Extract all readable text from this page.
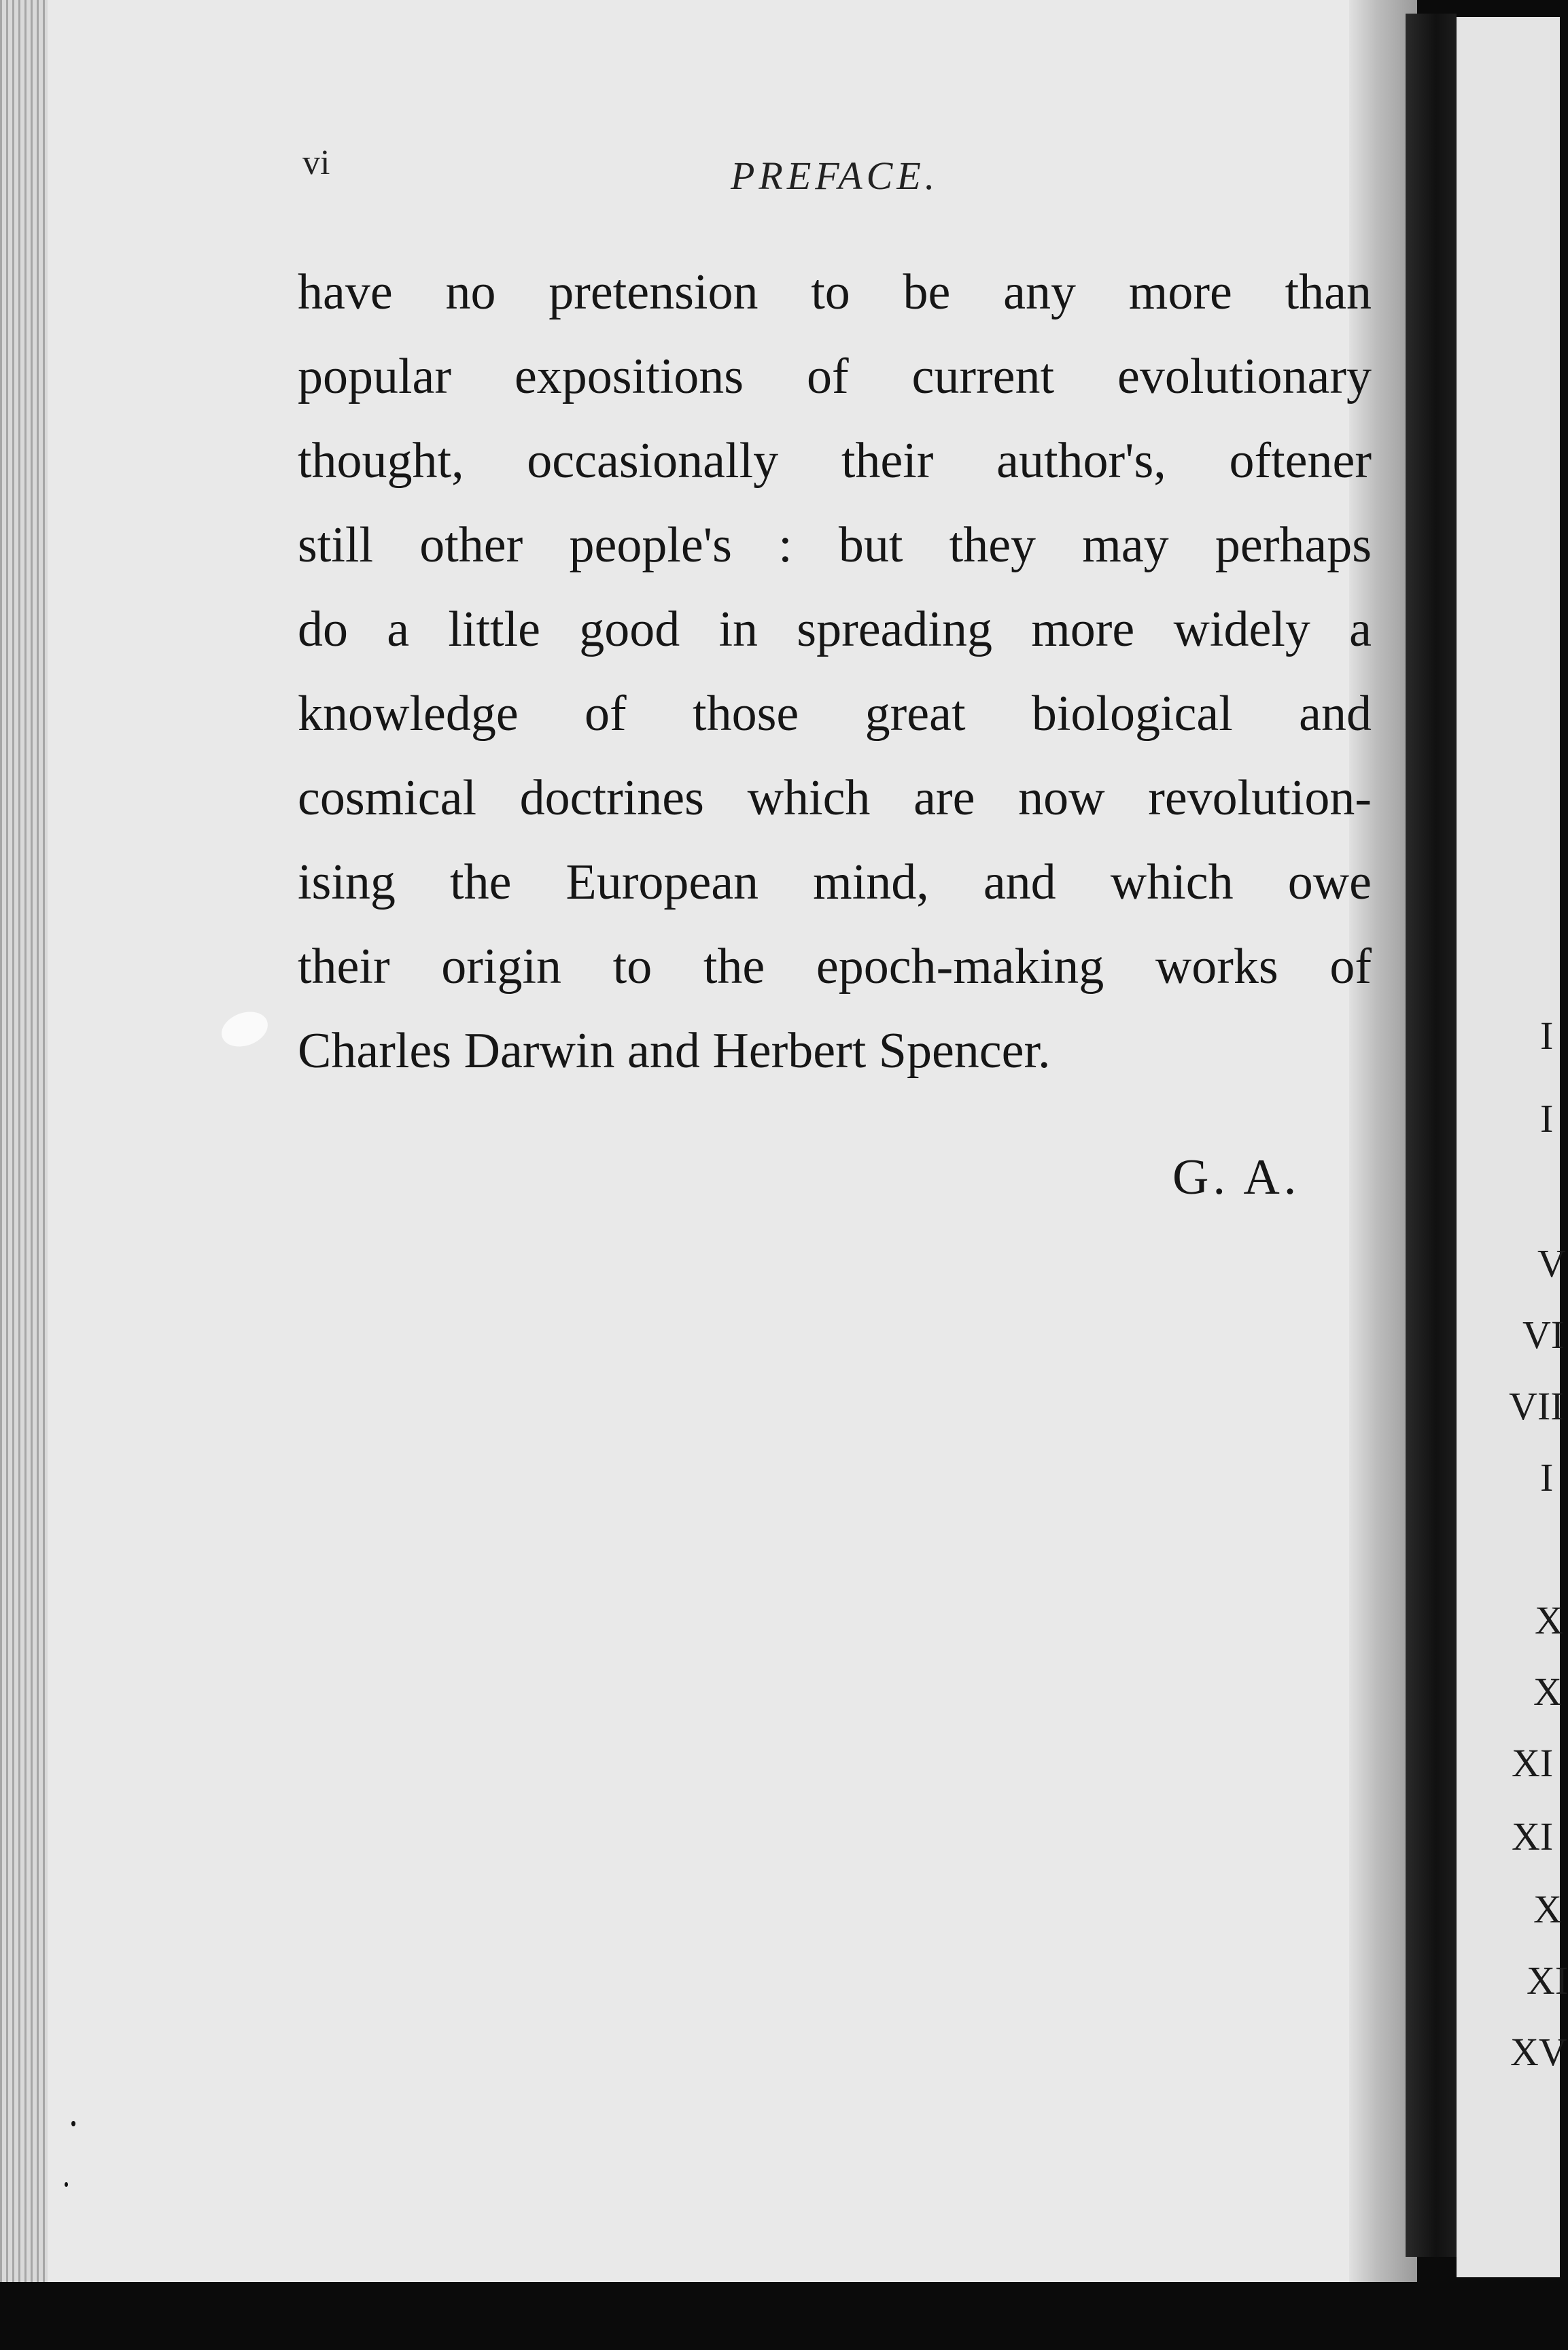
vi	PREFACE.
have no pretension to be any more than
popular expositions of current evolutionary
thought, occasionally their author's, oftener
still other people's : but they may perhaps
do a little good in spreading more widely a
knowledge of those great biological and
cosmical doctrines which are now revolution-
ising the European mind, and which owe
their origin to the epoch-making works of
Charles Darwin and Herbert Spencer.
G. A.
I
I
V
VI
VII
I
X
X
XI
XI
X
XI
XV
